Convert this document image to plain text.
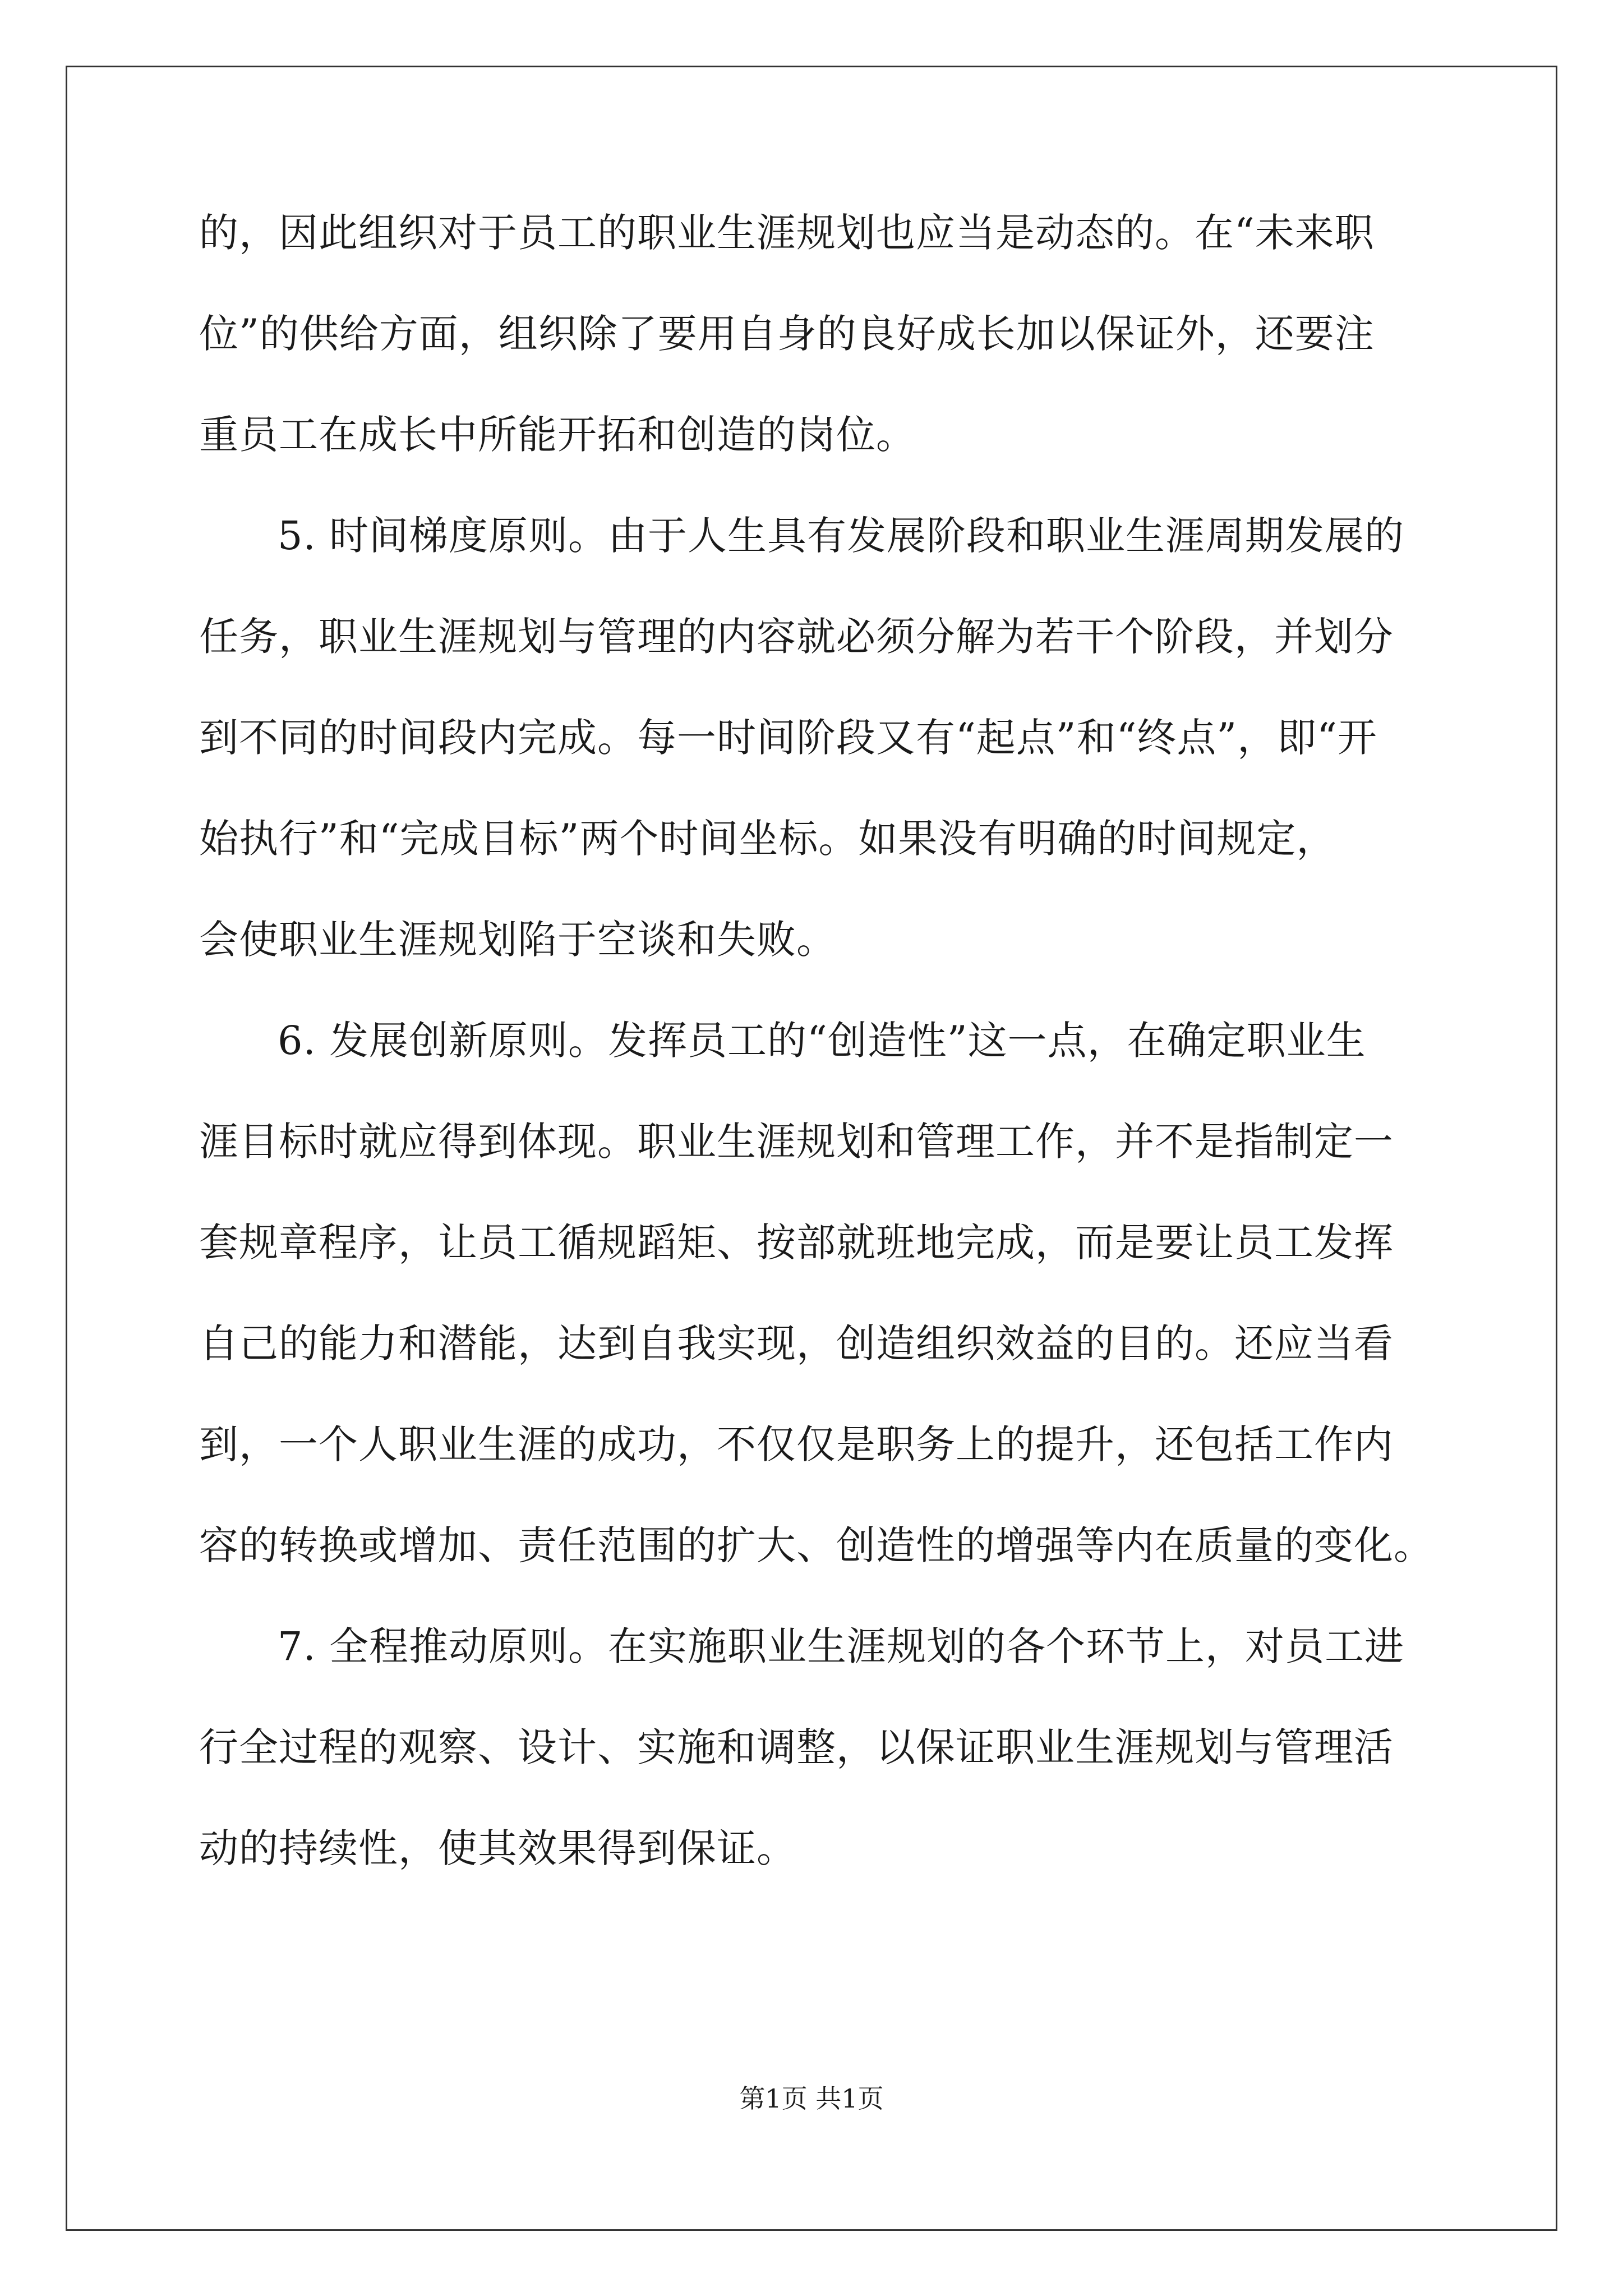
的，因此组织对于员工的职业生涯规划也应当是动态的。在“未来职
位”的供给方面，组织除了要用自身的良好成长加以保证外，还要注
重员工在成长中所能开拓和创造的岗位。
5. 时间梯度原则。由于人生具有发展阶段和职业生涯周期发展的
任务，职业生涯规划与管理的内容就必须分解为若干个阶段，并划分
到不同的时间段内完成。每一时间阶段又有“起点”和“终点”，即“开
始执行”和“完成目标”两个时间坐标。如果没有明确的时间规定，
会使职业生涯规划陷于空谈和失败。
6. 发展创新原则。发挥员工的“创造性”这一点，在确定职业生
涯目标时就应得到体现。职业生涯规划和管理工作，并不是指制定一
套规章程序，让员工循规蹈矩、按部就班地完成，而是要让员工发挥
自己的能力和潜能，达到自我实现，创造组织效益的目的。还应当看
到，一个人职业生涯的成功，不仅仅是职务上的提升，还包括工作内
容的转换或增加、责任范围的扩大、创造性的增强等内在质量的变化。
7. 全程推动原则。在实施职业生涯规划的各个环节上，对员工进
行全过程的观察、设计、实施和调整，以保证职业生涯规划与管理活
动的持续性，使其效果得到保证。
第1页 共1页
